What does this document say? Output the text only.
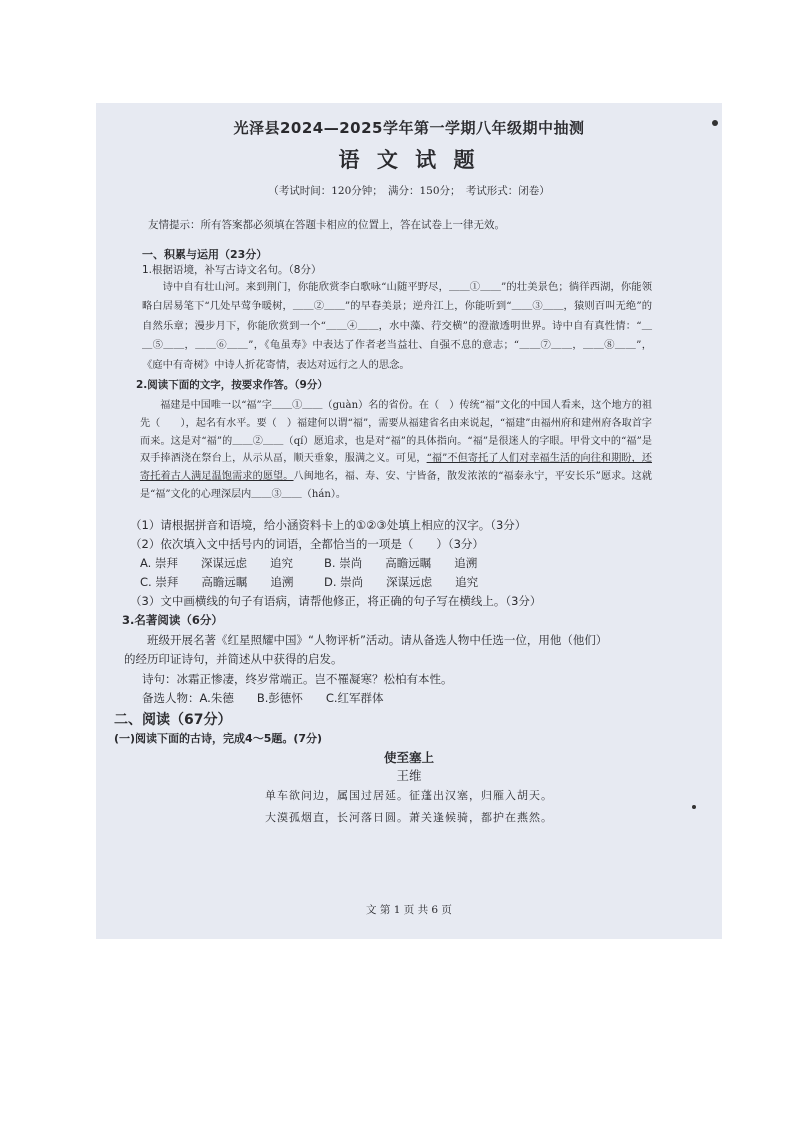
光泽县2024—2025学年第一学期八年级期中抽测
语 文 试 题
（考试时间：120分钟；　满分：150分；　考试形式：闭卷）
友情提示：所有答案都必须填在答题卡相应的位置上，答在试卷上一律无效。
一、积累与运用（23分）
1.根据语境，补写古诗文名句。（8分）
诗中自有壮山河。来到荆门，你能欣赏李白歌咏“山随平野尽，＿＿①＿＿”的壮美景色；徜徉西湖，你能领略白居易笔下“几处早莺争暖树，＿＿②＿＿”的早春美景；逆舟江上，你能听到“＿＿③＿＿，猿则百叫无绝”的自然乐章；漫步月下，你能欣赏到一个“＿＿④＿＿，水中藻、荇交横”的澄澈透明世界。诗中自有真性情：“＿＿⑤＿＿，＿＿⑥＿＿”，《龟虽寿》中表达了作者老当益壮、自强不息的意志；“＿＿⑦＿＿，＿＿⑧＿＿”，《庭中有奇树》中诗人折花寄情，表达对远行之人的思念。
2.阅读下面的文字，按要求作答。（9分）
福建是中国唯一以“福”字＿＿①＿＿（guàn）名的省份。在（　）传统“福”文化的中国人看来，这个地方的祖先（　　），起名有水平。要（　）福建何以谓“福”，需要从福建省名由来说起，“福建”由福州府和建州府各取首字而来。这是对“福”的＿＿②＿＿（qí）愿追求，也是对“福”的具体指向。“福”是很迷人的字眼。甲骨文中的“福”是双手捧酒浇在祭台上，从示从畐，顺天垂象，服满之义。可见，“福”不但寄托了人们对幸福生活的向往和期盼，还寄托着古人满足温饱需求的愿望。八闽地名，福、寿、安、宁皆备，散发浓浓的“福泰永宁，平安长乐”愿求。这就是“福”文化的心理深层内＿＿③＿＿（hán）。
（1）请根据拼音和语境，给小涵资料卡上的①②③处填上相应的汉字。（3分）
（2）依次填入文中括号内的词语，全都恰当的一项是（　　）（3分）
A. 崇拜　　深谋远虑　　追究	B. 崇尚　　高瞻远瞩　　追溯
C. 崇拜　　高瞻远瞩　　追溯	D. 崇尚　　深谋远虑　　追究
（3）文中画横线的句子有语病，请帮他修正，将正确的句子写在横线上。（3分）
3.名著阅读（6分）
班级开展名著《红星照耀中国》“人物评析”活动。请从备选人物中任选一位，用他（他们）的经历印证诗句，并简述从中获得的启发。
诗句：冰霜正惨凄，终岁常端正。岂不罹凝寒？松柏有本性。
备选人物：A.朱德　　B.彭德怀　　C.红军群体
二、阅读（67分）
(一)阅读下面的古诗，完成4～5题。(7分)
使至塞上
王维
单车欲问边，属国过居延。征蓬出汉塞，归雁入胡天。
大漠孤烟直，长河落日圆。萧关逢候骑，都护在燕然。
文 第 1 页 共 6 页
